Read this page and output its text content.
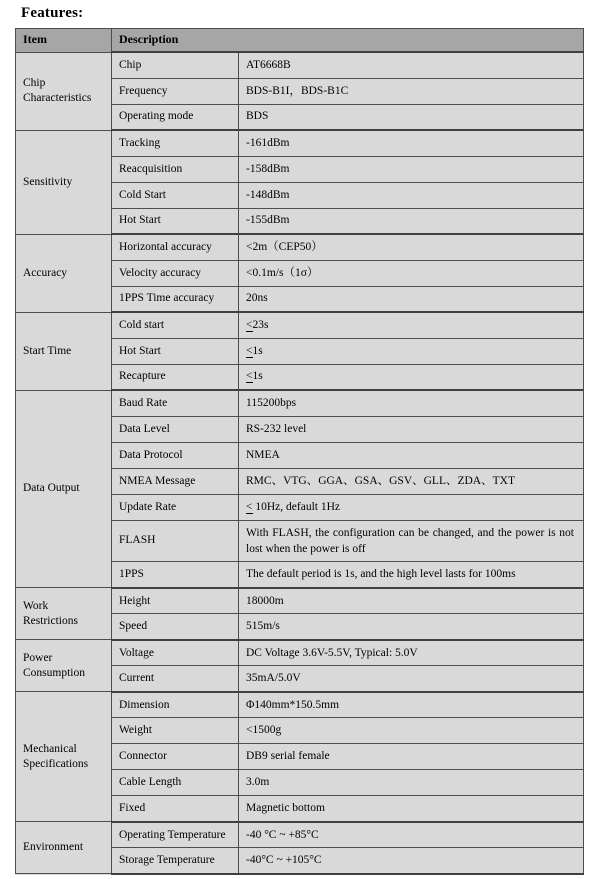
Features:
Item	Description	
Chip Characteristics	Chip	AT6668B
	Frequency	BDS-B1I，BDS-B1C
	Operating mode	BDS
Sensitivity	Tracking	-161dBm
	Reacquisition	-158dBm
	Cold Start	-148dBm
	Hot Start	-155dBm
Accuracy	Horizontal accuracy	<2m（CEP50）
	Velocity accuracy	<0.1m/s（1σ）
	1PPS Time accuracy	20ns
Start Time	Cold start	<23s
	Hot Start	<1s
	Recapture	<1s
Data Output	Baud Rate	115200bps
	Data Level	RS-232 level
	Data Protocol	NMEA
	NMEA Message	RMC、VTG、GGA、GSA、GSV、GLL、ZDA、TXT
	Update Rate	< 10Hz, default 1Hz
	FLASH	With FLASH, the configuration can be changed, and the power is not lost when the power is off
	1PPS	The default period is 1s, and the high level lasts for 100ms
Work Restrictions	Height	18000m
	Speed	515m/s
Power Consumption	Voltage	DC Voltage 3.6V-5.5V, Typical: 5.0V
	Current	35mA/5.0V
Mechanical Specifications	Dimension	Φ140mm*150.5mm
	Weight	<1500g
	Connector	DB9 serial female
	Cable Length	3.0m
	Fixed	Magnetic bottom
Environment	Operating Temperature	-40 °C ~ +85°C
	Storage Temperature	-40°C ~ +105°C
